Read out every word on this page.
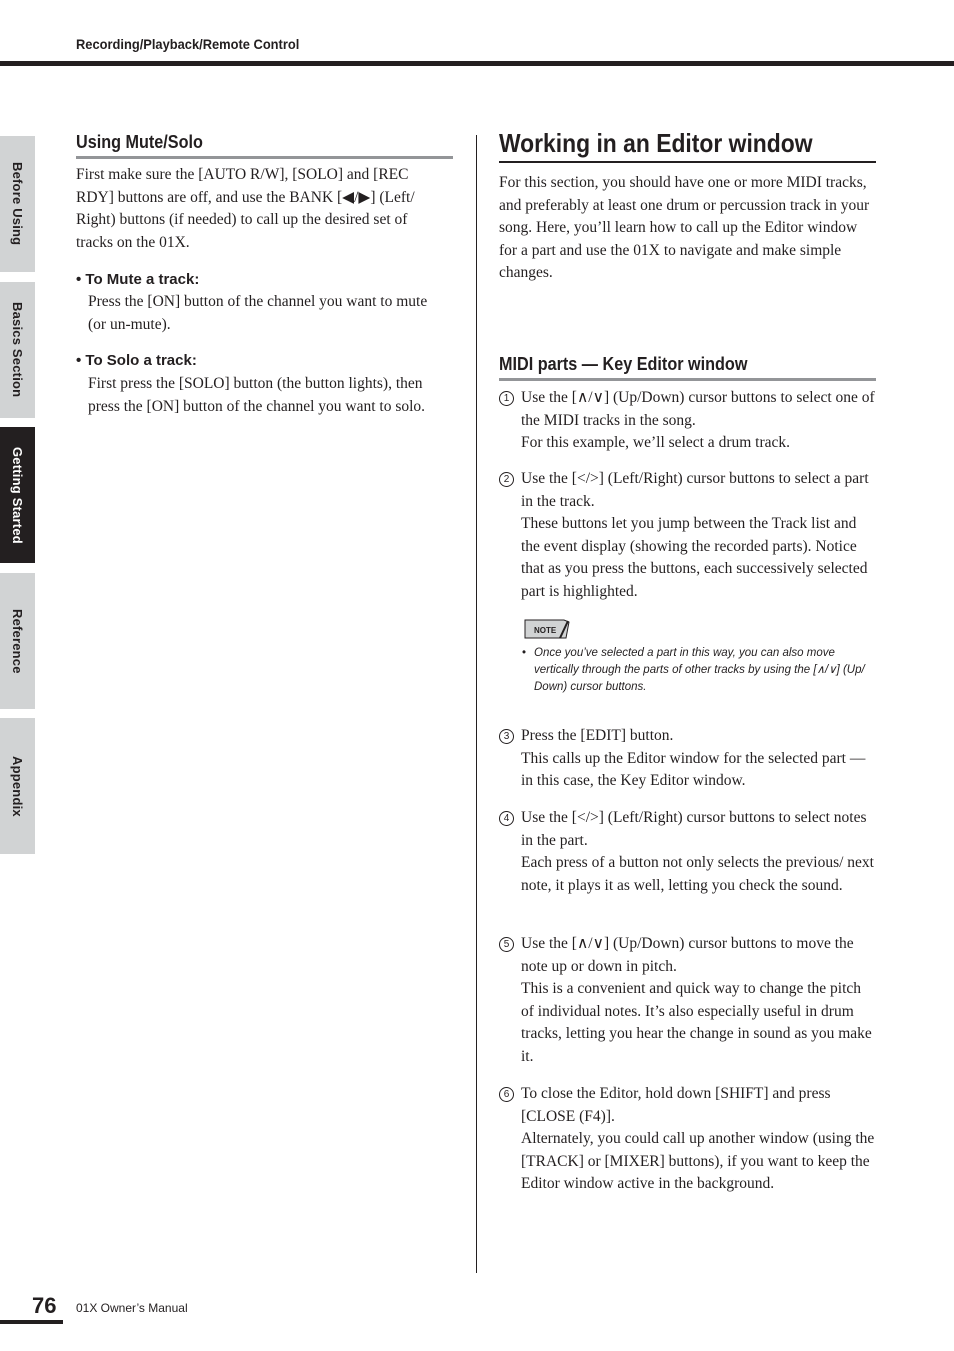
Recording/Playback/Remote Control
Before Using
Basics Section
Getting Started
Reference
Appendix
Using Mute/Solo

First make sure the [AUTO R/W], [SOLO] and [REC RDY] buttons are off, and use the BANK [◀/▶] (Left/ Right) buttons (if needed) to call up the desired set of tracks on the 01X.

• To Mute a track:

Press the [ON] button of the channel you want to mute (or un-mute).

• To Solo a track:

First press the [SOLO] button (the button lights), then press the [ON] button of the channel you want to solo.

Working in an Editor window

For this section, you should have one or more MIDI tracks, and preferably at least one drum or percussion track in your song. Here, you’ll learn how to call up the Editor window for a part and use the 01X to navigate and make simple changes.

MIDI parts — Key Editor window
1 Use the [∧/∨] (Up/Down) cursor buttons to select one of the MIDI tracks in the song.
For this example, we’ll select a drum track.
2 Use the [</>] (Left/Right) cursor buttons to select a part in the track.
These buttons let you jump between the Track list and the event display (showing the recorded parts). Notice that as you press the buttons, each successively selected part is highlighted.
NOTE
• Once you’ve selected a part in this way, you can also move vertically through the parts of other tracks by using the [∧/∨] (Up/ Down) cursor buttons.
3 Press the [EDIT] button.
This calls up the Editor window for the selected part — in this case, the Key Editor window.
4 Use the [</>] (Left/Right) cursor buttons to select notes in the part.
Each press of a button not only selects the previous/ next note, it plays it as well, letting you check the sound.
5 Use the [∧/∨] (Up/Down) cursor buttons to move the note up or down in pitch.
This is a convenient and quick way to change the pitch of individual notes. It’s also especially useful in drum tracks, letting you hear the change in sound as you make it.
6 To close the Editor, hold down [SHIFT] and press [CLOSE (F4)].
Alternately, you could call up another window (using the [TRACK] or [MIXER] buttons), if you want to keep the Editor window active in the background.
76 01X Owner’s Manual
